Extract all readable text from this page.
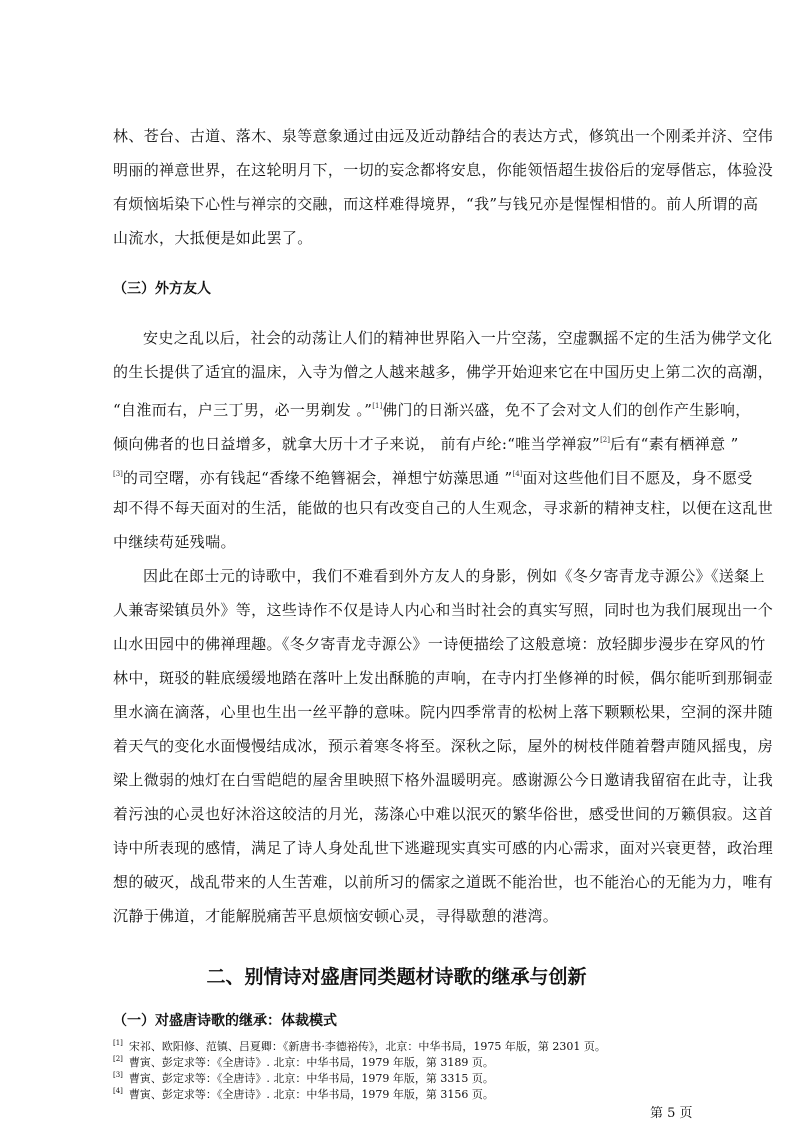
林、苍台、古道、落木、泉等意象通过由远及近动静结合的表达方式，修筑出一个刚柔并济、空伟
明丽的禅意世界，在这轮明月下，一切的妄念都将安息，你能领悟超生拔俗后的宠辱偕忘，体验没
有烦恼垢染下心性与禅宗的交融，而这样难得境界，“我”与钱兄亦是惺惺相惜的。前人所谓的高
山流水，大抵便是如此罢了。
（三）外方友人
安史之乱以后，社会的动荡让人们的精神世界陷入一片空荡，空虚飘摇不定的生活为佛学文化
的生长提供了适宜的温床，入寺为僧之人越来越多，佛学开始迎来它在中国历史上第二次的高潮，
“自淮而右，户三丁男，必一男剃发 。”[1]佛门的日渐兴盛，免不了会对文人们的创作产生影响，
倾向佛者的也日益增多，就拿大历十才子来说， 前有卢纶:“唯当学禅寂”[2]后有“素有栖禅意 ”
[3]的司空曙，亦有钱起“香缘不绝簪裾会，禅想宁妨藻思通 ”[4]面对这些他们目不愿及，身不愿受
却不得不每天面对的生活，能做的也只有改变自己的人生观念，寻求新的精神支柱，以便在这乱世
中继续苟延残喘。
因此在郎士元的诗歌中，我们不难看到外方友人的身影，例如《冬夕寄青龙寺源公》《送粲上
人兼寄梁镇员外》等，这些诗作不仅是诗人内心和当时社会的真实写照，同时也为我们展现出一个
山水田园中的佛禅理趣。《冬夕寄青龙寺源公》一诗便描绘了这般意境：放轻脚步漫步在穿风的竹
林中，斑驳的鞋底缓缓地踏在落叶上发出酥脆的声响，在寺内打坐修禅的时候，偶尔能听到那铜壶
里水滴在滴落，心里也生出一丝平静的意味。院内四季常青的松树上落下颗颗松果，空洞的深井随
着天气的变化水面慢慢结成冰，预示着寒冬将至。深秋之际，屋外的树枝伴随着磬声随风摇曳，房
梁上微弱的烛灯在白雪皑皑的屋舍里映照下格外温暖明亮。感谢源公今日邀请我留宿在此寺，让我
着污浊的心灵也好沐浴这皎洁的月光，荡涤心中难以泯灭的繁华俗世，感受世间的万籁俱寂。这首
诗中所表现的感情，满足了诗人身处乱世下逃避现实真实可感的内心需求，面对兴衰更替，政治理
想的破灭，战乱带来的人生苦难，以前所习的儒家之道既不能治世，也不能治心的无能为力，唯有
沉静于佛道，才能解脱痛苦平息烦恼安顿心灵，寻得歇憩的港湾。
二、别情诗对盛唐同类题材诗歌的继承与创新
（一）对盛唐诗歌的继承：体裁模式
[1] 宋祁、欧阳修、范镇、吕夏卿：《新唐书·李德裕传》，北京：中华书局，1975 年版，第 2301 页。
[2] 曹寅、彭定求等：《全唐诗》. 北京：中华书局，1979 年版，第 3189 页。
[3] 曹寅、彭定求等：《全唐诗》. 北京：中华书局，1979 年版，第 3315 页。
[4] 曹寅、彭定求等：《全唐诗》. 北京：中华书局，1979 年版，第 3156 页。
第 5 页
